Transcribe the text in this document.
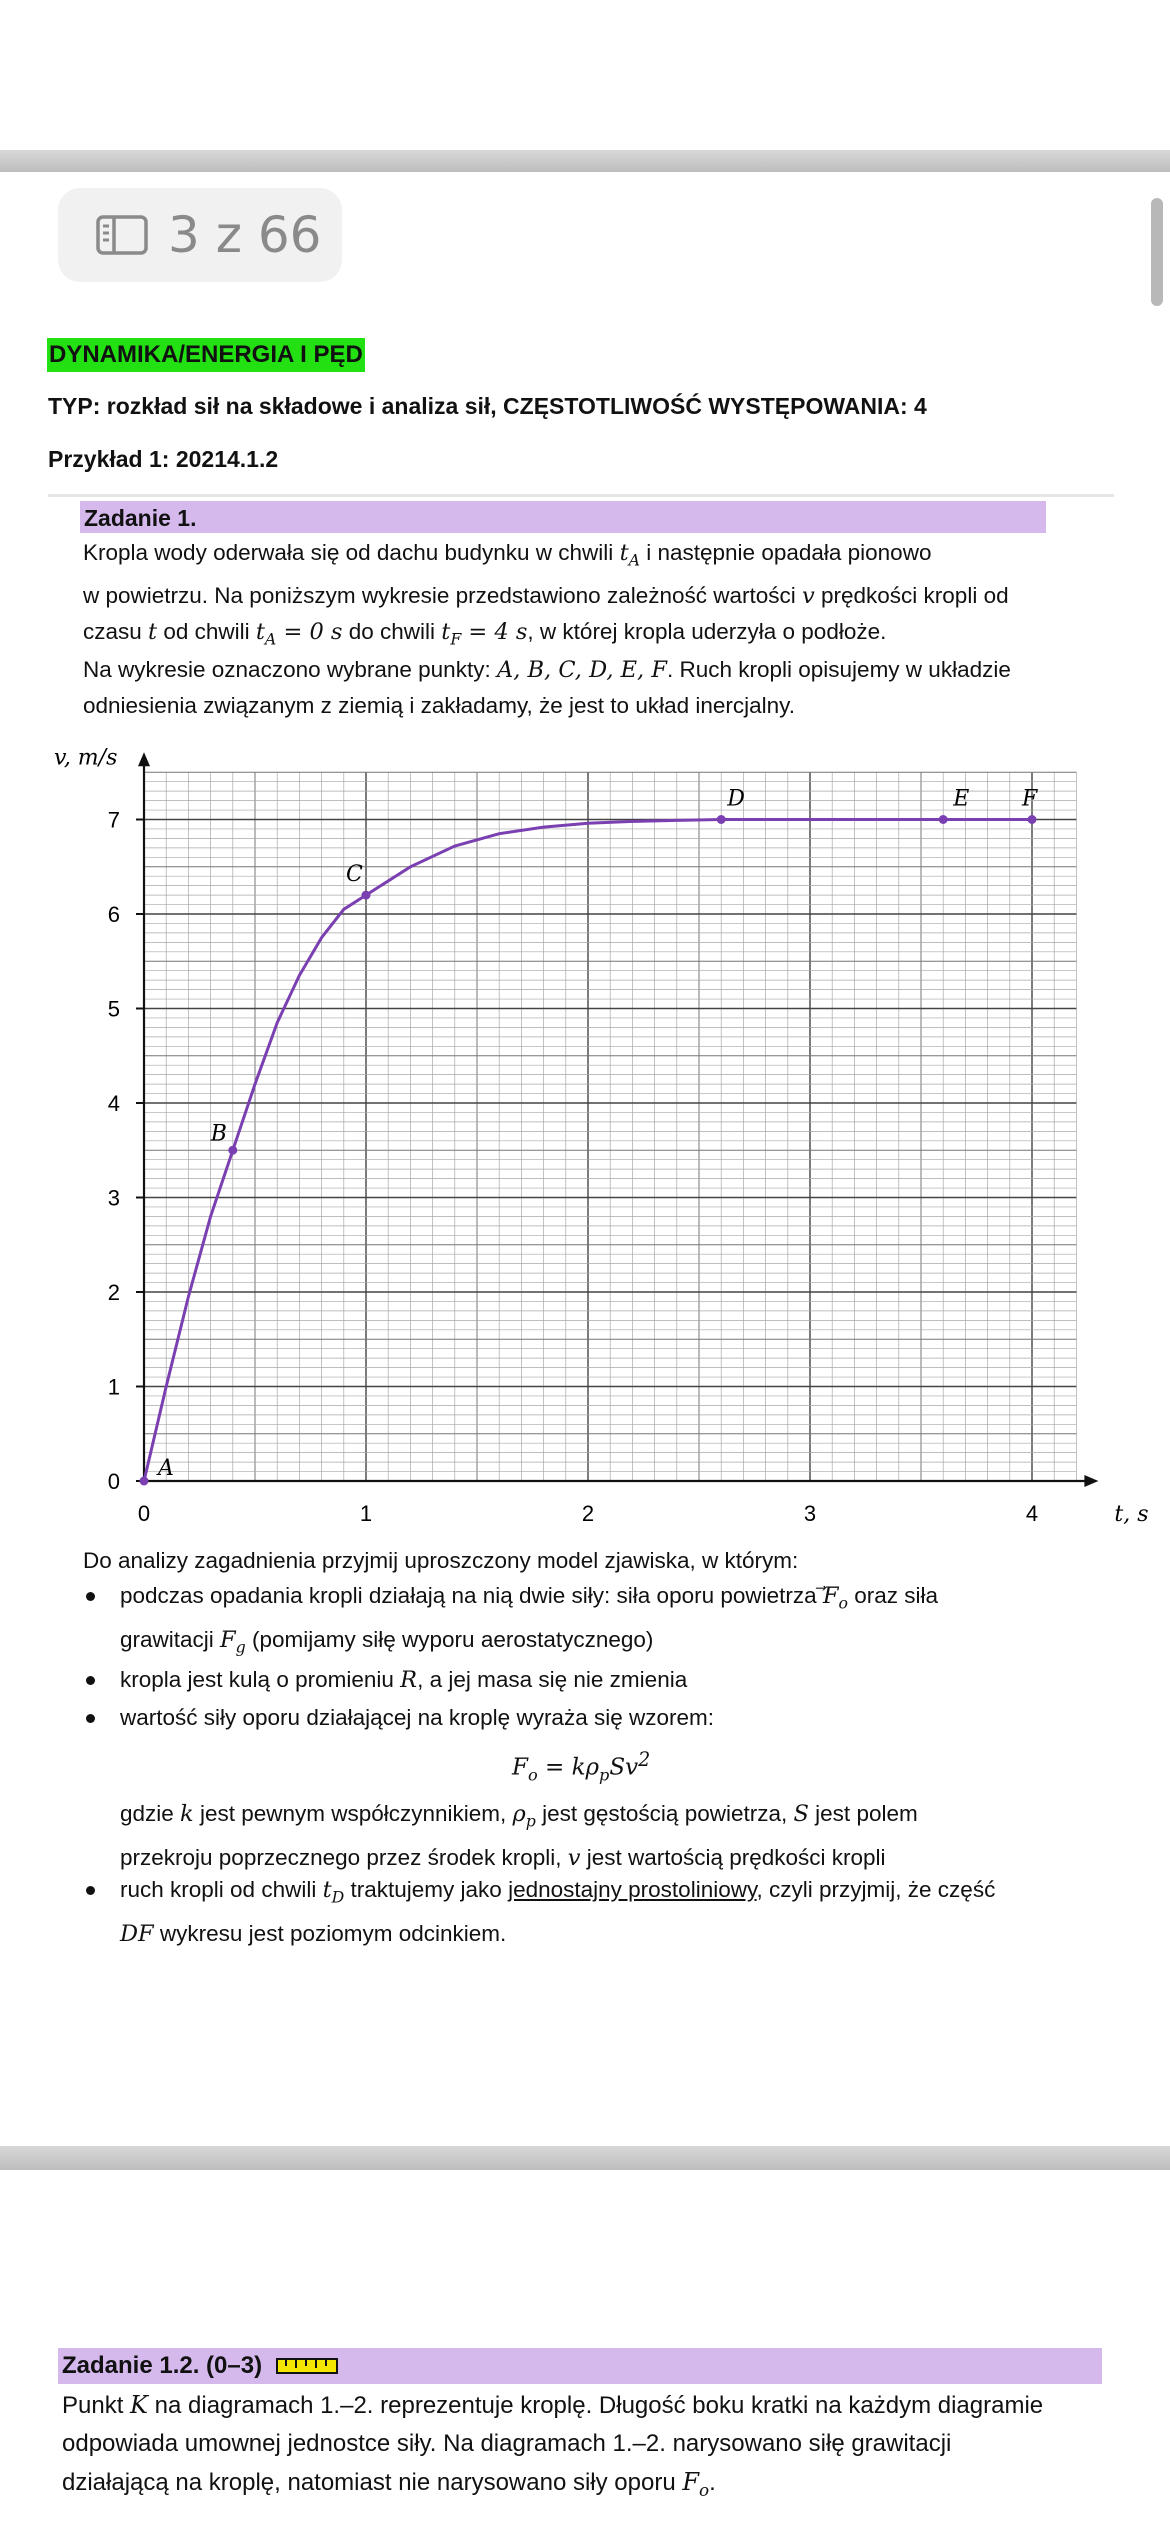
3 z 66
DYNAMIKA/ENERGIA I PĘD
TYP: rozkład sił na składowe i analiza sił, CZĘSTOTLIWOŚĆ WYSTĘPOWANIA: 4
Przykład 1: 20214.1.2
Zadanie 1.
Kropla wody oderwała się od dachu budynku w chwili $t_A$ i następnie opadała pionowo
w powietrzu. Na poniższym wykresie przedstawiono zależność wartości v prędkości kropli od
czasu t od chwili $t_A = 0$ s do chwili $t_F = 4$ s, w której kropla uderzyła o podłoże.
Na wykresie oznaczono wybrane punkty: A, B, C, D, E, F. Ruch kropli opisujemy w układzie
odniesienia związanym z ziemią i zakładamy, że jest to układ inercjalny.
0	1	2	3	4
0
1
2
3
4
5
6
7
A
B
C
D	E F
v, m/s
t, s
Do analizy zagadnienia przyjmij uproszczony model zjawiska, w którym:
podczas opadania kropli działają na nią dwie siły: siła oporu powietrza $F_o$ oraz siła
grawitacji $F_g$ (pomijamy siłę wyporu aerostatycznego)
kropla jest kulą o promieniu R, a jej masa się nie zmienia
wartość siły oporu działającej na kroplę wyraża się wzorem:
$F_o = k\rho_pSv^2$
gdzie k jest pewnym współczynnikiem, $\rho_p$ jest gęstością powietrza, S jest polem
przekroju poprzecznego przez środek kropli, v jest wartością prędkości kropli
ruch kropli od chwili $t_D$ traktujemy jako jednostajny prostoliniowy, czyli przyjmij, że część
DF wykresu jest poziomym odcinkiem.
Zadanie 1.2. (0–3)
Punkt K na diagramach 1.–2. reprezentuje kroplę. Długość boku kratki na każdym diagramie
odpowiada umownej jednostce siły. Na diagramach 1.–2. narysowano siłę grawitacji
działającą na kroplę, natomiast nie narysowano siły oporu $F_o$.
